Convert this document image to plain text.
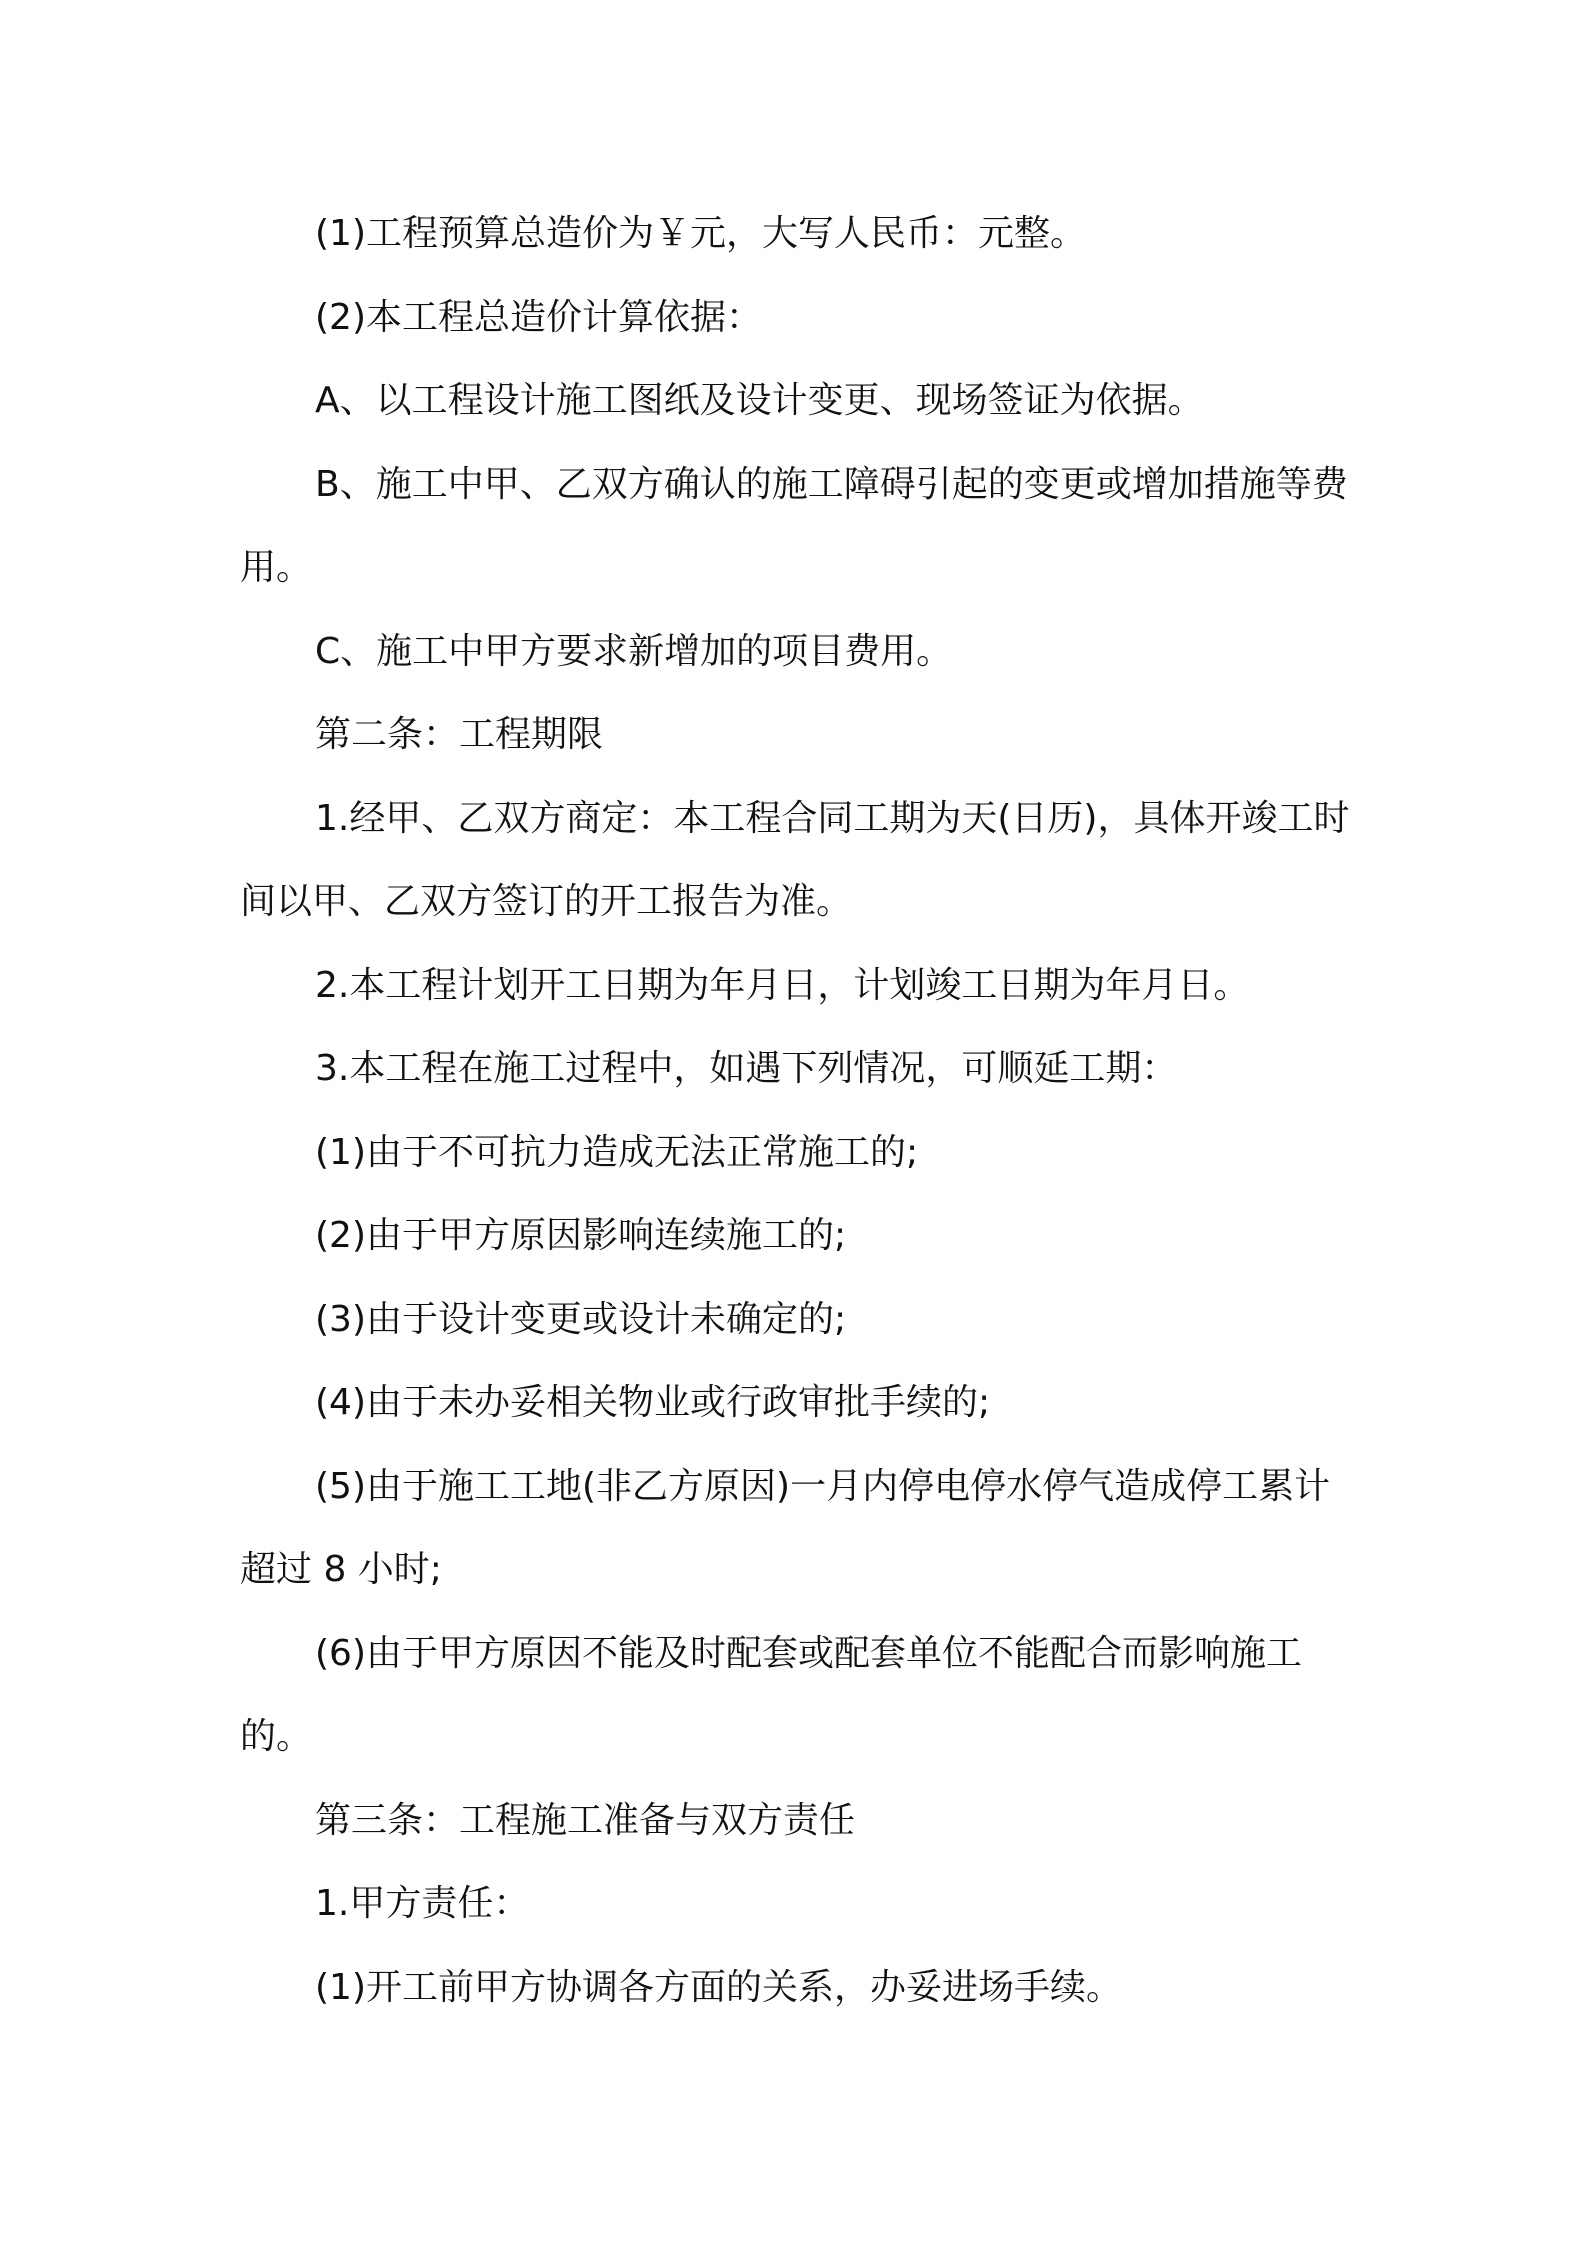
(1)工程预算总造价为￥元，大写人民币：元整。

(2)本工程总造价计算依据：

A、以工程设计施工图纸及设计变更、现场签证为依据。

B、施工中甲、乙双方确认的施工障碍引起的变更或增加措施等费用。

C、施工中甲方要求新增加的项目费用。

第二条：工程期限

1.经甲、乙双方商定：本工程合同工期为天(日历)，具体开竣工时间以甲、乙双方签订的开工报告为准。

2.本工程计划开工日期为年月日，计划竣工日期为年月日。

3.本工程在施工过程中，如遇下列情况，可顺延工期：

(1)由于不可抗力造成无法正常施工的;

(2)由于甲方原因影响连续施工的;

(3)由于设计变更或设计未确定的;

(4)由于未办妥相关物业或行政审批手续的;

(5)由于施工工地(非乙方原因)一月内停电停水停气造成停工累计超过 8 小时;

(6)由于甲方原因不能及时配套或配套单位不能配合而影响施工的。

第三条：工程施工准备与双方责任

1.甲方责任：

(1)开工前甲方协调各方面的关系，办妥进场手续。
